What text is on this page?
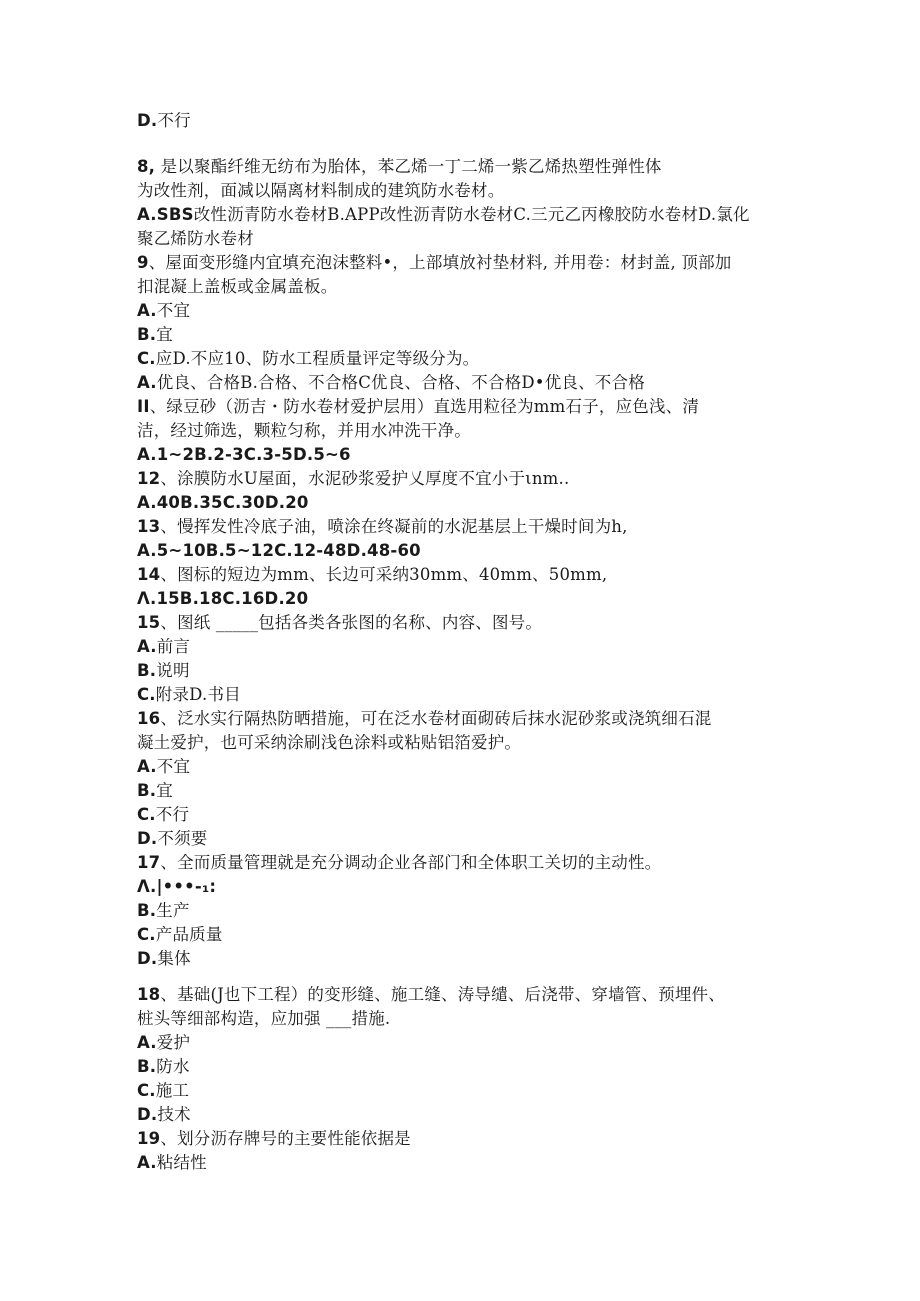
D.不行
8, 是以聚酯纤维无纺布为胎体，苯乙烯一丁二烯一紫乙烯热塑性弹性体
为改性剂，面减以隔离材料制成的建筑防水卷材。
A.SBS改性沥青防水卷材B.APP改性沥青防水卷材C.三元乙丙橡胶防水卷材D.氯化
聚乙烯防水卷材
9、屋面变形缝内宜填充泡沫整料•，上部填放衬垫材料, 并用卷：材封盖, 顶部加
扣混凝上盖板或金属盖板。
A.不宜
B.宜
C.应D.不应10、防水工程质量评定等级分为。
A.优良、合格B.合格、不合格C优良、合格、不合格D•优良、不合格
II、绿豆砂（沥吉・防水卷材爱护层用）直选用粒径为mm石子，应色浅、清
洁，经过筛选，颗粒匀称，并用水冲洗干净。
A.1~2B.2-3C.3-5D.5~6
12、涂膜防水U屋面，水泥砂浆爱护乂厚度不宜小于ιnm..
A.40B.35C.30D.20
13、慢挥发性冷底子油，喷涂在终凝前的水泥基层上干燥时间为h,
A.5~10B.5~12C.12-48D.48-60
14、图标的短边为mm、长边可采纳30mm、40mm、50mm,
Λ.15B.18C.16D.20
15、图纸 _____包括各类各张图的名称、内容、图号。
A.前言
B.说明
C.附录D.书目
16、泛水实行隔热防晒措施，可在泛水卷材面砌砖后抹水泥砂浆或浇筑细石混
凝土爱护，也可采纳涂刷浅色涂料或粘贴铝箔爱护。
A.不宜
B.宜
C.不行
D.不须要
17、全而质量管理就是充分调动企业各部门和全体职工关切的主动性。
Λ.|•••-₁:
B.生产
C.产品质量
D.集体
18、基础(J也下工程）的变形缝、施工缝、涛导缱、后浇带、穿墙管、预埋件、
桩头等细部构造，应加强 ___措施.
A.爱护
B.防水
C.施工
D.技术
19、划分沥存牌号的主要性能依据是
A.粘结性
